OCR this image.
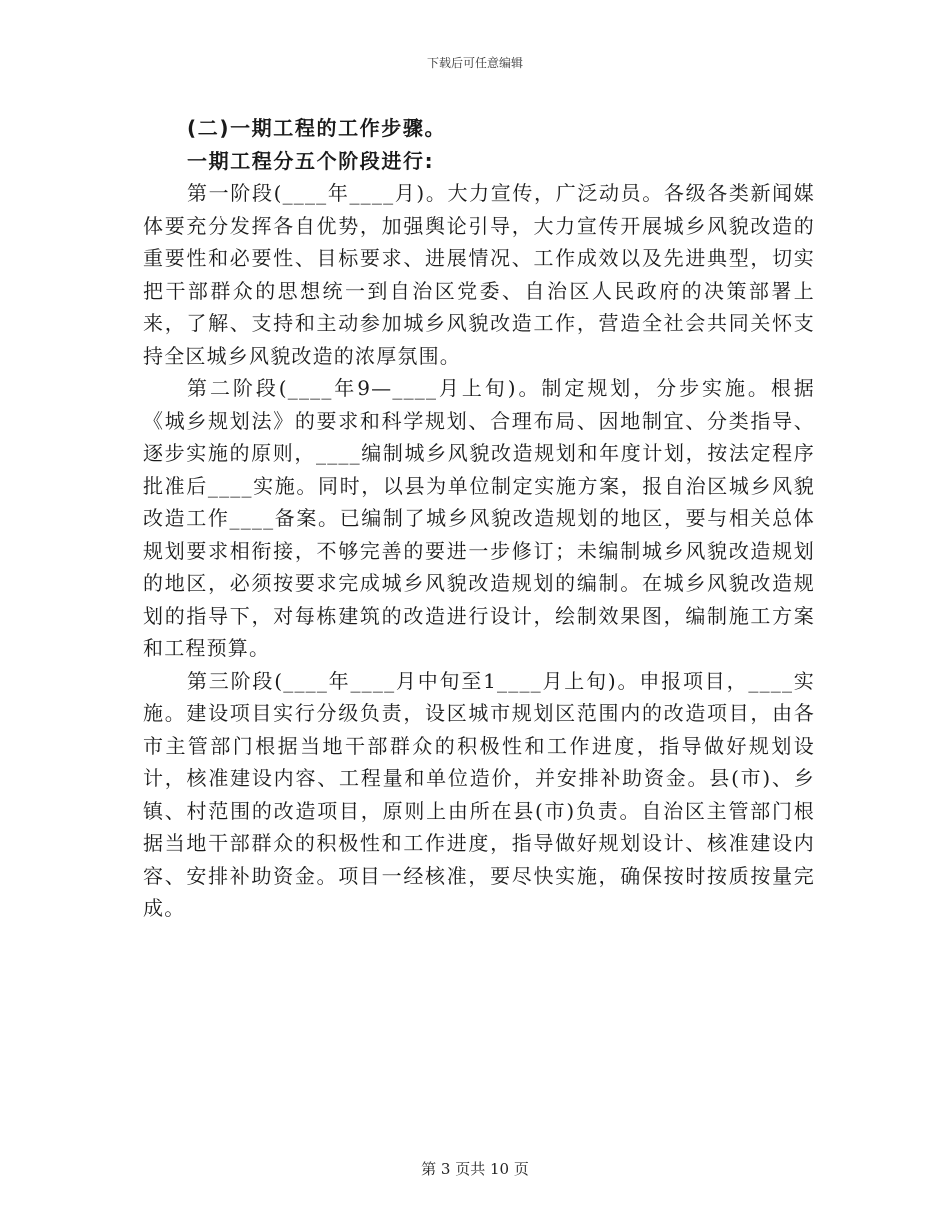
下载后可任意编辑

(二)一期工程的工作步骤。

一期工程分五个阶段进行:

第一阶段(____年____月)。大力宣传，广泛动员。各级各类新闻媒体要充分发挥各自优势，加强舆论引导，大力宣传开展城乡风貌改造的重要性和必要性、目标要求、进展情况、工作成效以及先进典型，切实把干部群众的思想统一到自治区党委、自治区人民政府的决策部署上来，了解、支持和主动参加城乡风貌改造工作，营造全社会共同关怀支持全区城乡风貌改造的浓厚氛围。

第二阶段(____年9—____月上旬)。制定规划，分步实施。根据《城乡规划法》的要求和科学规划、合理布局、因地制宜、分类指导、逐步实施的原则，____编制城乡风貌改造规划和年度计划，按法定程序批准后____实施。同时，以县为单位制定实施方案，报自治区城乡风貌改造工作____备案。已编制了城乡风貌改造规划的地区，要与相关总体规划要求相衔接，不够完善的要进一步修订；未编制城乡风貌改造规划的地区，必须按要求完成城乡风貌改造规划的编制。在城乡风貌改造规划的指导下，对每栋建筑的改造进行设计，绘制效果图，编制施工方案和工程预算。

第三阶段(____年____月中旬至1____月上旬)。申报项目，____实施。建设项目实行分级负责，设区城市规划区范围内的改造项目，由各市主管部门根据当地干部群众的积极性和工作进度，指导做好规划设计，核准建设内容、工程量和单位造价，并安排补助资金。县(市)、乡镇、村范围的改造项目，原则上由所在县(市)负责。自治区主管部门根据当地干部群众的积极性和工作进度，指导做好规划设计、核准建设内容、安排补助资金。项目一经核准，要尽快实施，确保按时按质按量完成。

第 3 页共 10 页
